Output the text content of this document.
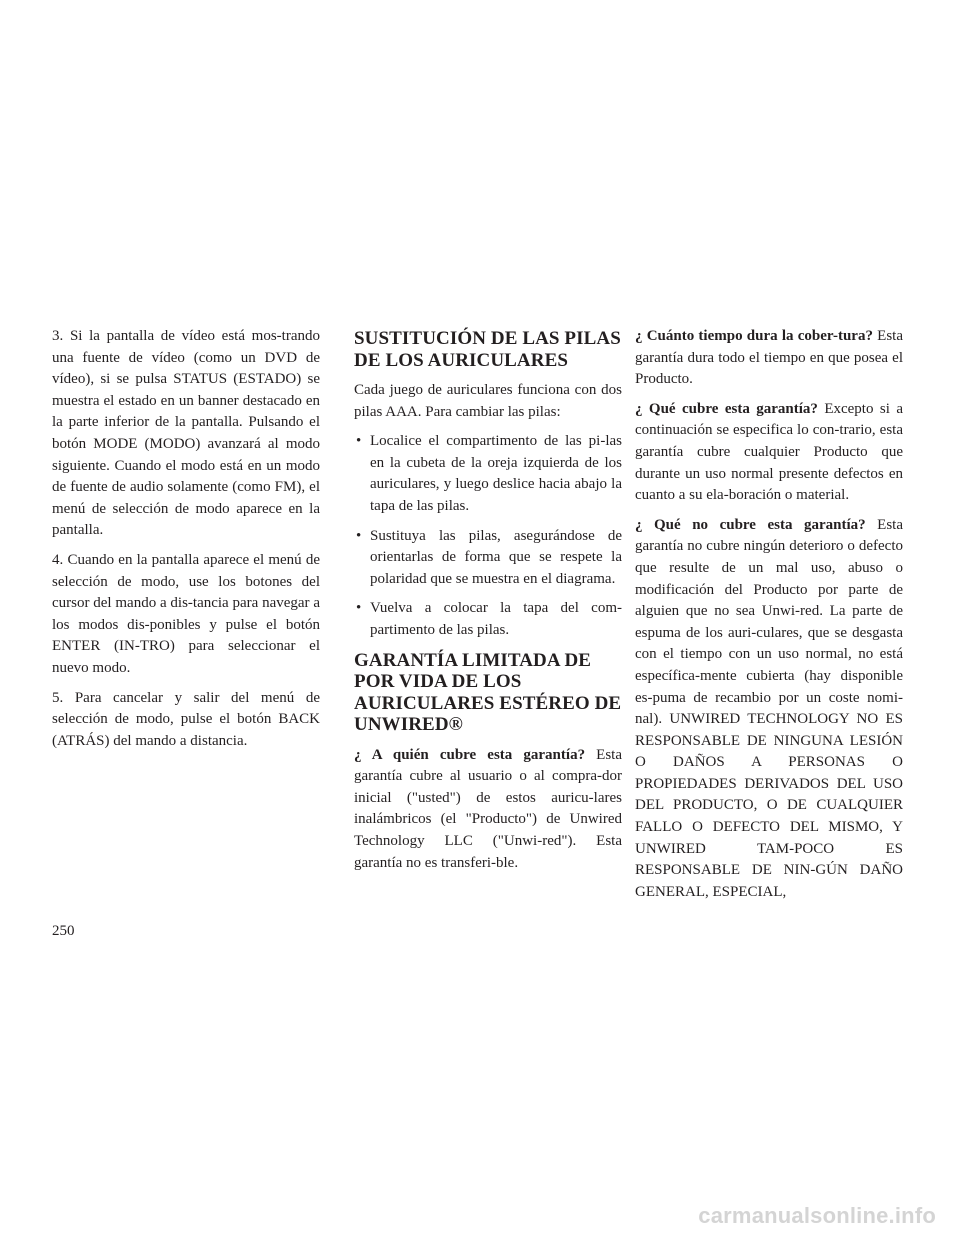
3. Si la pantalla de vídeo está mos-trando una fuente de vídeo (como un DVD de vídeo), si se pulsa STATUS (ESTADO) se muestra el estado en un banner destacado en la parte inferior de la pantalla. Pulsando el botón MODE (MODO) avanzará al modo siguiente. Cuando el modo está en un modo de fuente de audio solamente (como FM), el menú de selección de modo aparece en la pantalla.

4. Cuando en la pantalla aparece el menú de selección de modo, use los botones del cursor del mando a dis-tancia para navegar a los modos dis-ponibles y pulse el botón ENTER (IN-TRO) para seleccionar el nuevo modo.

5. Para cancelar y salir del menú de selección de modo, pulse el botón BACK (ATRÁS) del mando a distancia.

SUSTITUCIÓN DE LAS PILAS DE LOS AURICULARES

Cada juego de auriculares funciona con dos pilas AAA. Para cambiar las pilas:

• Localice el compartimento de las pi-las en la cubeta de la oreja izquierda de los auriculares, y luego deslice hacia abajo la tapa de las pilas.
• Sustituya las pilas, asegurándose de orientarlas de forma que se respete la polaridad que se muestra en el diagrama.
• Vuelva a colocar la tapa del com-partimento de las pilas.
GARANTÍA LIMITADA DE POR VIDA DE LOS AURICULARES ESTÉREO DE UNWIRED®

¿ A quién cubre esta garantía? Esta garantía cubre al usuario o al compra-dor inicial ("usted") de estos auricu-lares inalámbricos (el "Producto") de Unwired Technology LLC ("Unwi-red"). Esta garantía no es transferi-ble.

¿ Cuánto tiempo dura la cober-tura? Esta garantía dura todo el tiempo en que posea el Producto.

¿ Qué cubre esta garantía? Excepto si a continuación se especifica lo con-trario, esta garantía cubre cualquier Producto que durante un uso normal presente defectos en cuanto a su ela-boración o material.

¿ Qué no cubre esta garantía? Esta garantía no cubre ningún deterioro o defecto que resulte de un mal uso, abuso o modificación del Producto por parte de alguien que no sea Unwi-red. La parte de espuma de los auri-culares, que se desgasta con el tiempo con un uso normal, no está específica-mente cubierta (hay disponible es-puma de recambio por un coste nomi-nal). UNWIRED TECHNOLOGY NO ES RESPONSABLE DE NINGUNA LESIÓN O DAÑOS A PERSONAS O PROPIEDADES DERIVADOS DEL USO DEL PRODUCTO, O DE CUALQUIER FALLO O DEFECTO DEL MISMO, Y UNWIRED TAM-POCO ES RESPONSABLE DE NIN-GÚN DAÑO GENERAL, ESPECIAL,

250
carmanualsonline.info
